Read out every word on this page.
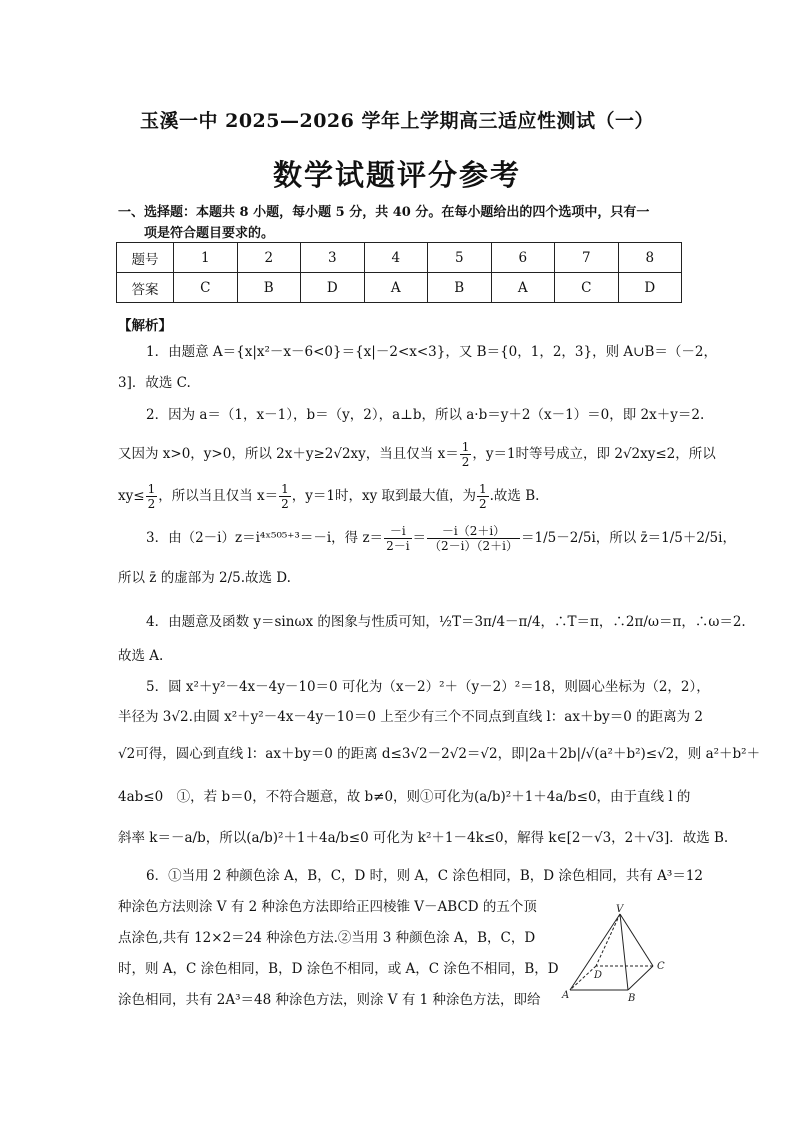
玉溪一中 2025—2026 学年上学期高三适应性测试（一）
数学试题评分参考
一、选择题：本题共 8 小题，每小题 5 分，共 40 分。在每小题给出的四个选项中，只有一
项是符合题目要求的。
题号	1	2	3	4	5	6	7	8
答案	C	B	D	A	B	A	C	D
【解析】
1．由题意 A＝{x|x²－x－6<0}＝{x|－2<x<3}，又 B＝{0，1，2，3}，则 A∪B＝（－2，
3]．故选 C.
2．因为 a＝（1，x－1），b＝（y，2），a⊥b，所以 a·b＝y＋2（x－1）＝0，即 2x＋y＝2.
又因为 x>0，y>0，所以 2x＋y≥2√2xy，当且仅当 $x= \frac{1}{2}$ ，y＝1时等号成立，即 2√2xy≤2，所以
$xy\le \frac{1}{2}$ ，所以当且仅当 $x= \frac{1}{2}$ ，y＝1时，xy 取到最大值，为 $\frac{1}{2}$ .故选 B.
3．由（2－i）z＝i⁴ˣ⁵⁰⁵⁺³＝－i，得 $z= \frac{-i}{2-i} = \frac{-i(2+i)}{(2-i)(2+i)} =1/5-2/5i$，所以 z̄＝1/5＋2/5i，
所以 z̄ 的虚部为 2/5.故选 D.
4．由题意及函数 y＝sinωx 的图象与性质可知，½T＝3π/4－π/4，∴T＝π，∴2π/ω＝π，∴ω＝2.
故选 A.
5．圆 x²＋y²－4x－4y－10＝0 可化为（x－2）²＋（y－2）²＝18，则圆心坐标为（2，2），
半径为 3√2.由圆 x²＋y²－4x－4y－10＝0 上至少有三个不同点到直线 l：ax＋by＝0 的距离为 2
√2可得，圆心到直线 l：ax＋by＝0 的距离 d≤3√2－2√2＝√2，即|2a＋2b|/√(a²＋b²)≤√2，则 a²＋b²＋
4ab≤0　①，若 b＝0，不符合题意，故 b≠0，则①可化为(a/b)²＋1＋4a/b≤0，由于直线 l 的
斜率 k＝－a/b，所以(a/b)²＋1＋4a/b≤0 可化为 k²＋1－4k≤0，解得 k∈[2－√3，2＋√3]．故选 B.
6．①当用 2 种颜色涂 A，B，C，D 时，则 A，C 涂色相同，B，D 涂色相同，共有 A³＝12
种涂色方法则涂 V 有 2 种涂色方法即给正四棱锥 V－ABCD 的五个顶
点涂色,共有 12×2＝24 种涂色方法.②当用 3 种颜色涂 A，B，C，D
时，则 A，C 涂色相同，B，D 涂色不相同，或 A，C 涂色不相同，B，D
涂色相同，共有 2A³＝48 种涂色方法，则涂 V 有 1 种涂色方法，即给
V
D
C
A	B
